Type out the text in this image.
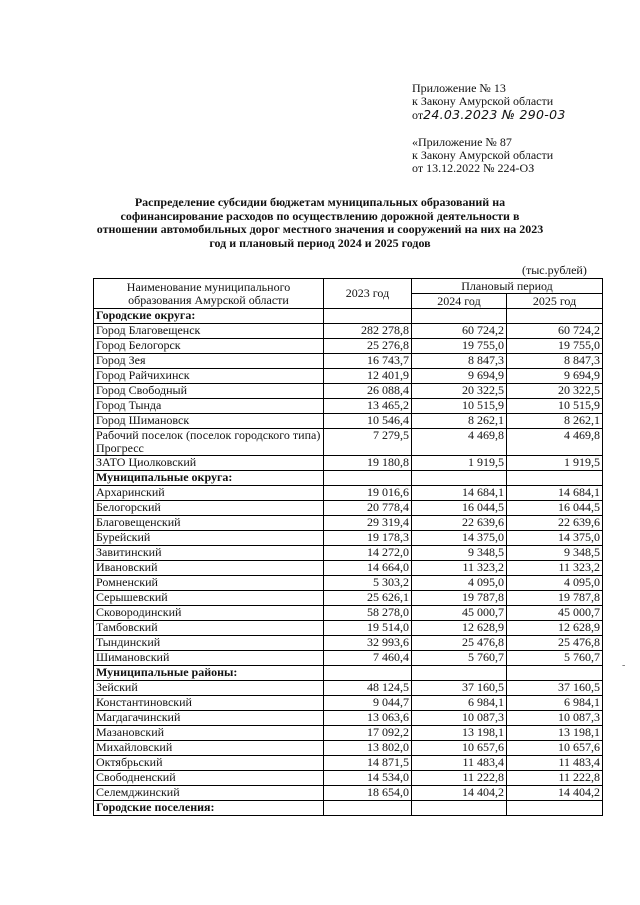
Приложение № 13
к Закону Амурской области
от24.03.2023 № 290-03
«Приложение № 87
к Закону Амурской области
от 13.12.2022 № 224-ОЗ
Распределение субсидии бюджетам муниципальных образований на софинансирование расходов по осуществлению дорожной деятельности в отношении автомобильных дорог местного значения и сооружений на них на 2023 год и плановый период 2024 и 2025 годов
(тыс.рублей)
Наименование муниципального образования Амурской области	2023 год	Плановый период	
		2024 год	2025 год
Городские округа:			
Город Благовещенск	282 278,8	60 724,2	60 724,2
Город Белогорск	25 276,8	19 755,0	19 755,0
Город Зея	16 743,7	8 847,3	8 847,3
Город Райчихинск	12 401,9	9 694,9	9 694,9
Город Свободный	26 088,4	20 322,5	20 322,5
Город Тында	13 465,2	10 515,9	10 515,9
Город Шимановск	10 546,4	8 262,1	8 262,1
Рабочий поселок (поселок городского типа) Прогресс	7 279,5	4 469,8	4 469,8
ЗАТО Циолковский	19 180,8	1 919,5	1 919,5
Муниципальные округа:			
Архаринский	19 016,6	14 684,1	14 684,1
Белогорский	20 778,4	16 044,5	16 044,5
Благовещенский	29 319,4	22 639,6	22 639,6
Бурейский	19 178,3	14 375,0	14 375,0
Завитинский	14 272,0	9 348,5	9 348,5
Ивановский	14 664,0	11 323,2	11 323,2
Ромненский	5 303,2	4 095,0	4 095,0
Серышевский	25 626,1	19 787,8	19 787,8
Сковородинский	58 278,0	45 000,7	45 000,7
Тамбовский	19 514,0	12 628,9	12 628,9
Тындинский	32 993,6	25 476,8	25 476,8
Шимановский	7 460,4	5 760,7	5 760,7
Муниципальные районы:			
Зейский	48 124,5	37 160,5	37 160,5
Константиновский	9 044,7	6 984,1	6 984,1
Магдагачинский	13 063,6	10 087,3	10 087,3
Мазановский	17 092,2	13 198,1	13 198,1
Михайловский	13 802,0	10 657,6	10 657,6
Октябрьский	14 871,5	11 483,4	11 483,4
Свободненский	14 534,0	11 222,8	11 222,8
Селемджинский	18 654,0	14 404,2	14 404,2
Городские поселения:			
-
